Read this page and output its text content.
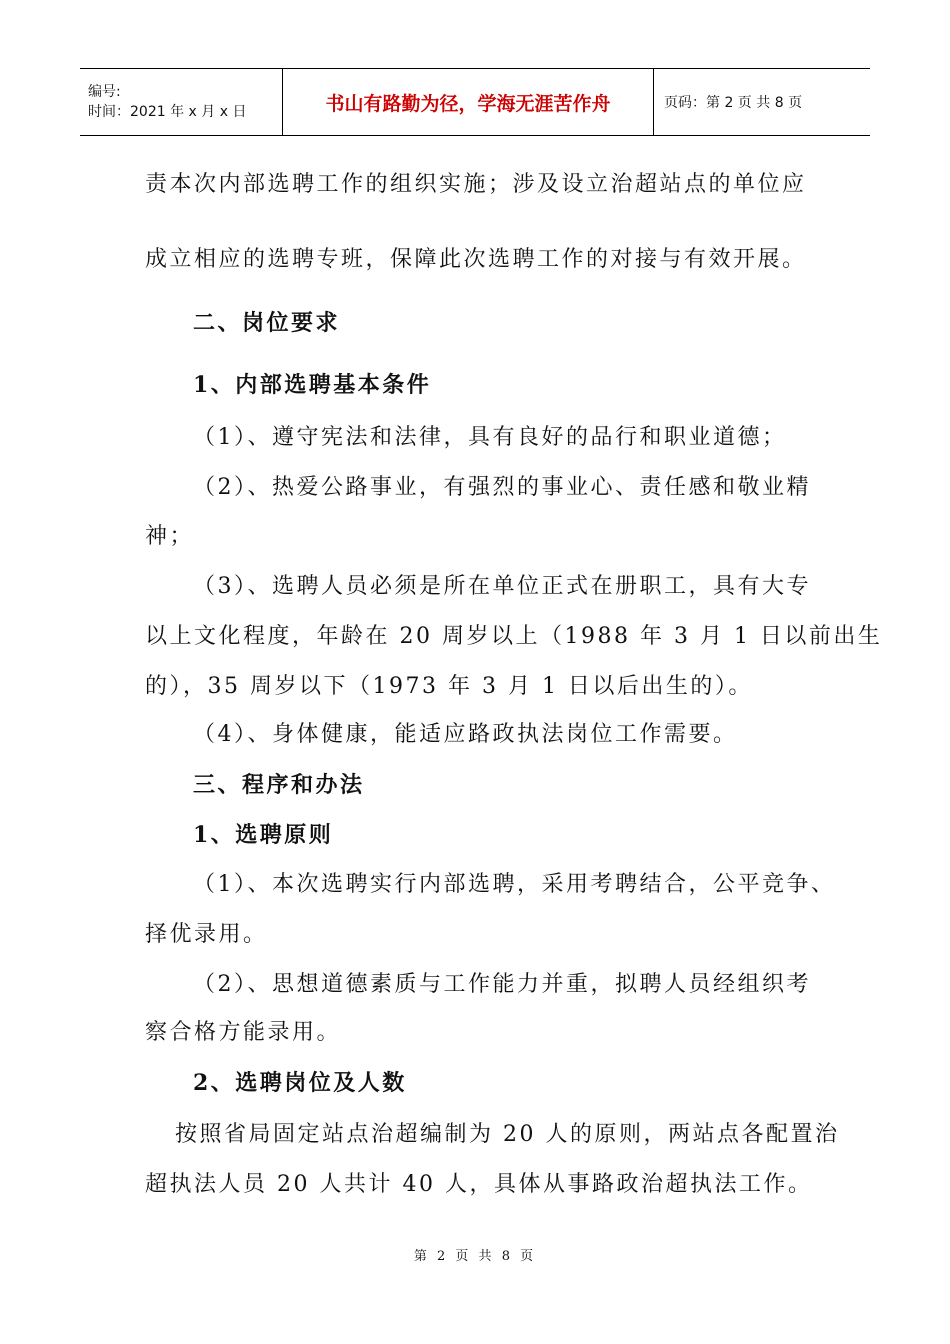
编号:
时间：2021 年 x 月 x 日	书山有路勤为径，学海无涯苦作舟	页码：第 2 页 共 8 页
责本次内部选聘工作的组织实施；涉及设立治超站点的单位应
成立相应的选聘专班，保障此次选聘工作的对接与有效开展。
二、岗位要求
1、内部选聘基本条件
（1）、遵守宪法和法律，具有良好的品行和职业道德；
（2）、热爱公路事业，有强烈的事业心、责任感和敬业精
神；
（3）、选聘人员必须是所在单位正式在册职工，具有大专
以上文化程度，年龄在 20 周岁以上（1988 年 3 月 1 日以前出生
的），35 周岁以下（1973 年 3 月 1 日以后出生的）。
（4）、身体健康，能适应路政执法岗位工作需要。
三、程序和办法
1、选聘原则
（1）、本次选聘实行内部选聘，采用考聘结合，公平竞争、
择优录用。
（2）、思想道德素质与工作能力并重，拟聘人员经组织考
察合格方能录用。
2、选聘岗位及人数
按照省局固定站点治超编制为 20 人的原则，两站点各配置治
超执法人员 20 人共计 40 人，具体从事路政治超执法工作。
第 2 页 共 8 页
